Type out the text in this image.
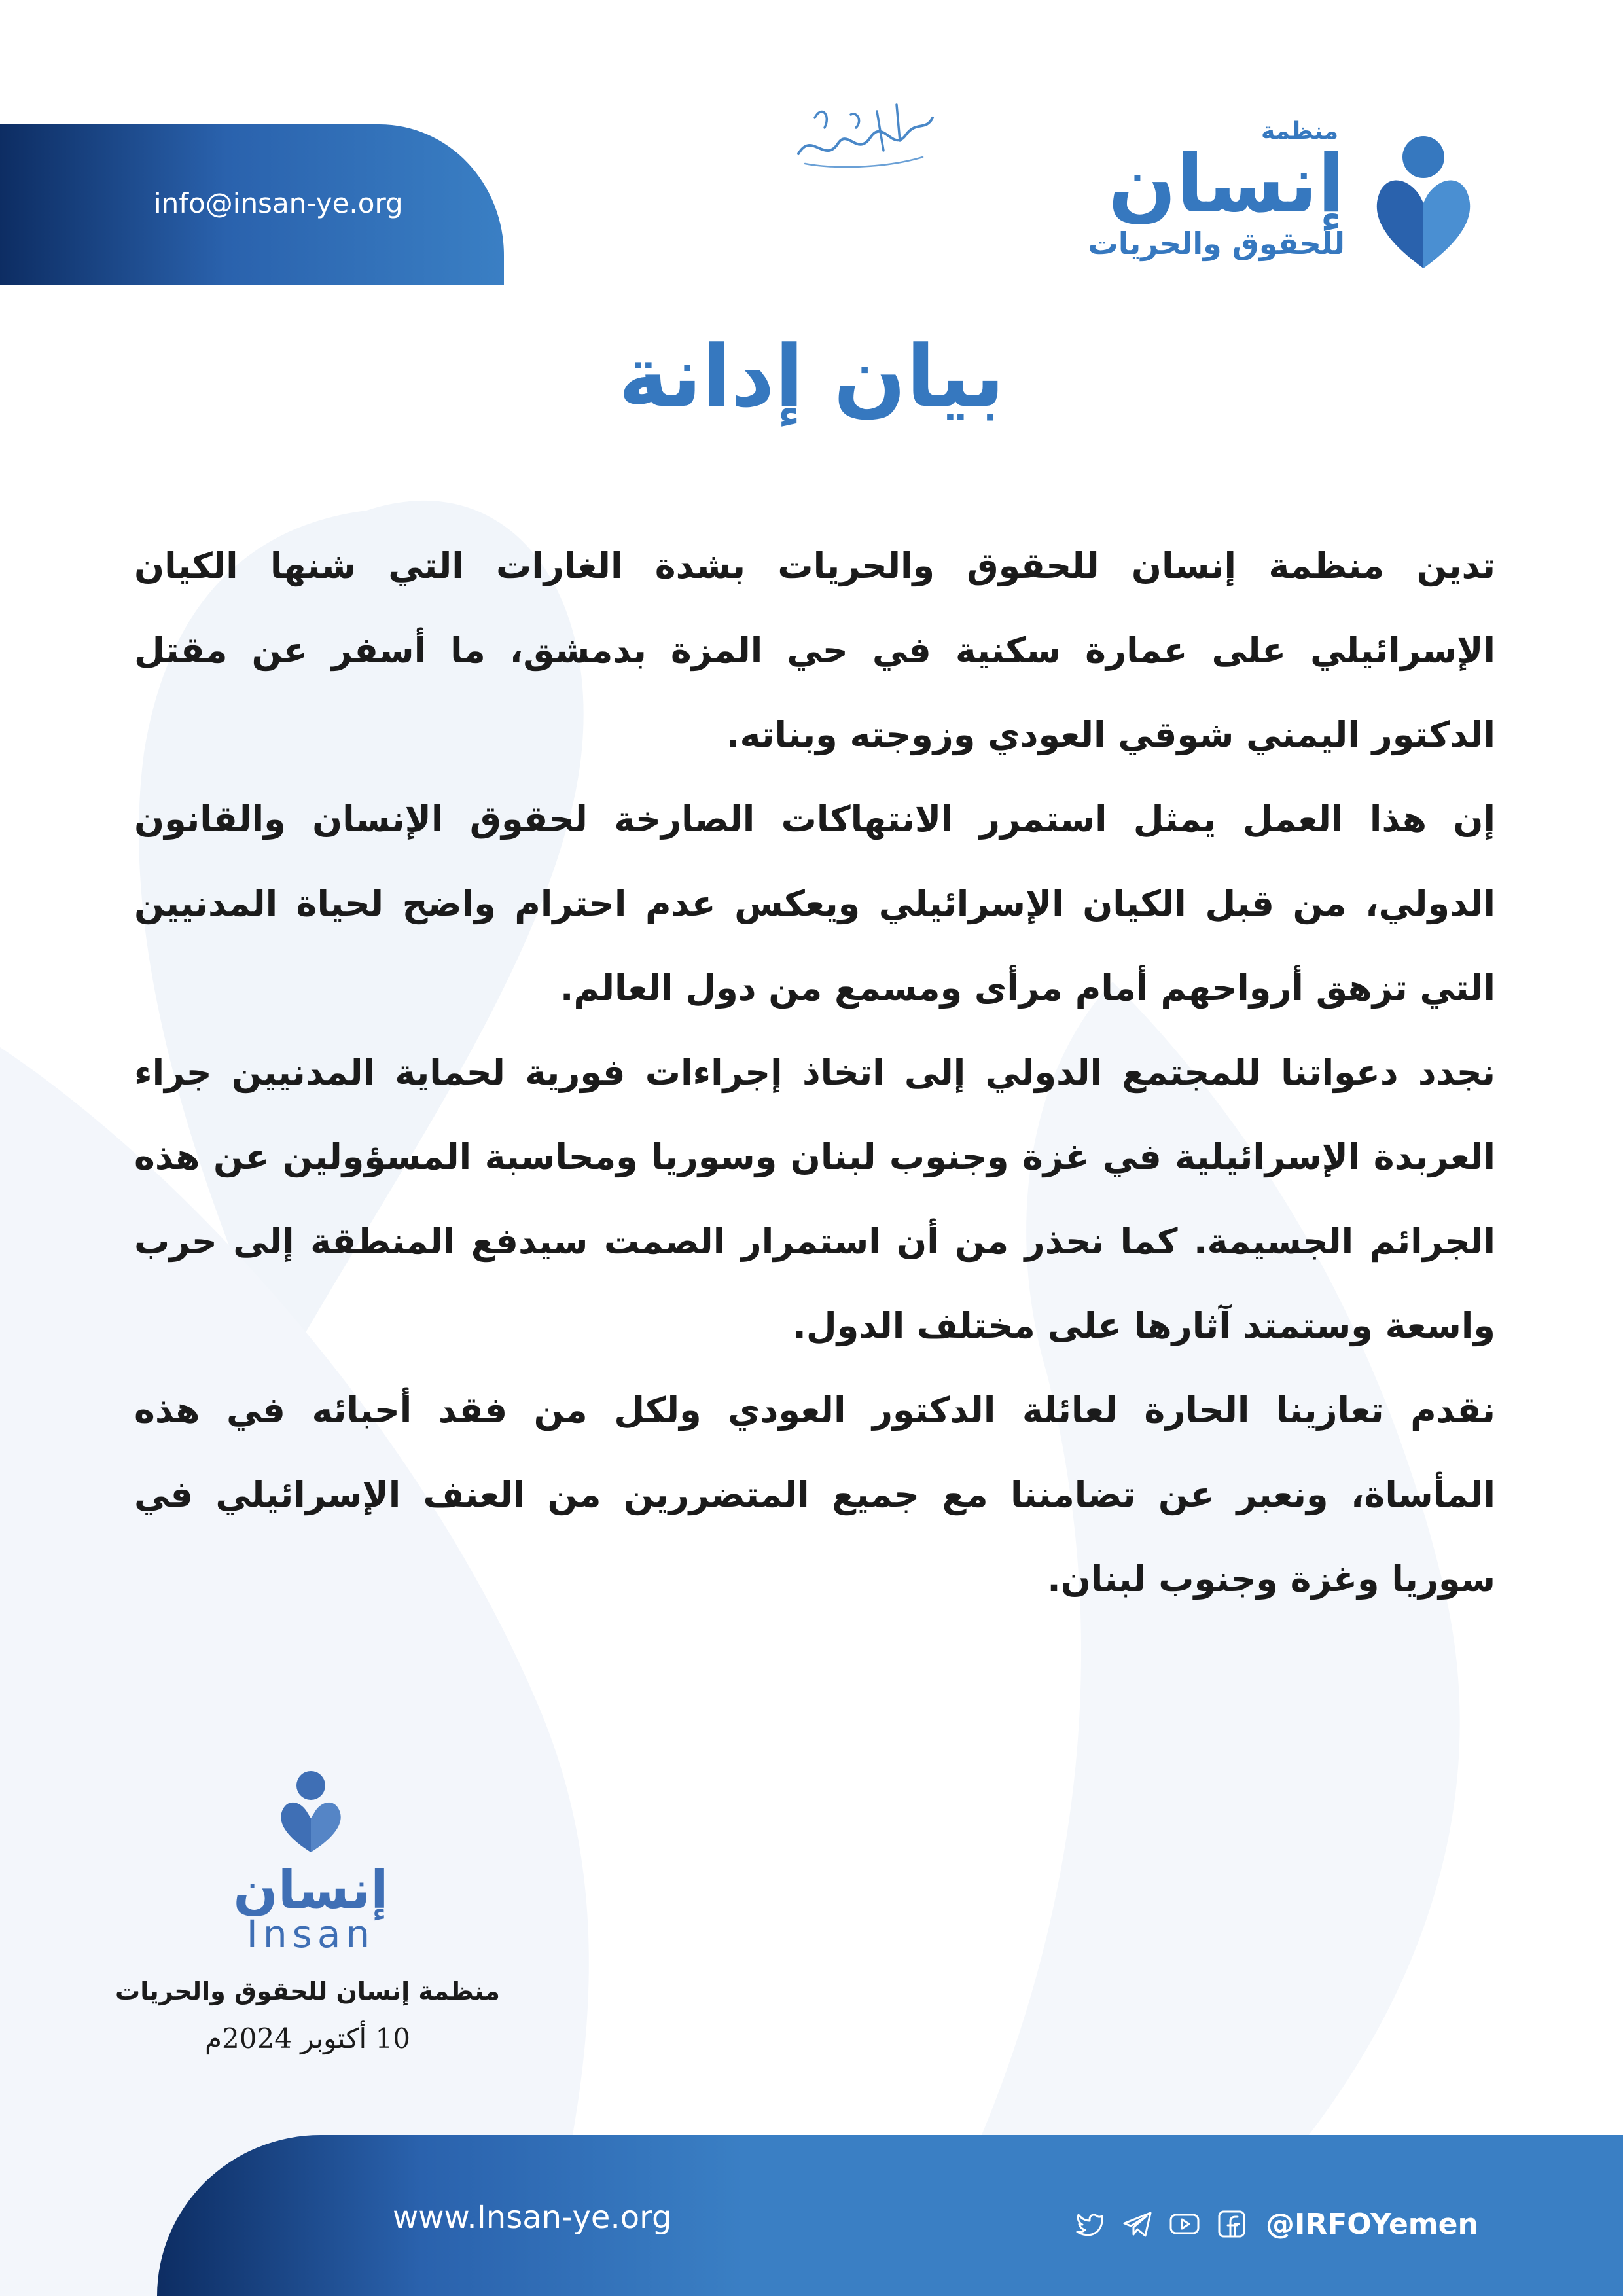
info@insan-ye.org
منظمة
إنسان
للحقوق والحريات
بيان إدانة

تدين منظمة إنسان للحقوق والحريات بشدة الغارات التي شنها الكيان الإسرائيلي على عمارة سكنية في حي المزة بدمشق، ما أسفر عن مقتل الدكتور اليمني شوقي العودي وزوجته وبناته.

إن هذا العمل يمثل استمرر الانتهاكات الصارخة لحقوق الإنسان والقانون الدولي، من قبل الكيان الإسرائيلي ويعكس عدم احترام واضح لحياة المدنيين التي تزهق أرواحهم أمام مرأى ومسمع من دول العالم.

نجدد دعواتنا للمجتمع الدولي إلى اتخاذ إجراءات فورية لحماية المدنيين جراء العربدة الإسرائيلية في غزة وجنوب لبنان وسوريا ومحاسبة المسؤولين عن هذه الجرائم الجسيمة. كما نحذر من أن استمرار الصمت سيدفع المنطقة إلى حرب واسعة وستمتد آثارها على مختلف الدول.

نقدم تعازينا الحارة لعائلة الدكتور العودي ولكل من فقد أحبائه في هذه المأساة، ونعبر عن تضامننا مع جميع المتضررين من العنف الإسرائيلي في سوريا وغزة وجنوب لبنان.

إنسان
Insan
منظمة إنسان للحقوق والحريات
10 أكتوبر 2024م
www.Insan-ye.org	@IRFOYemen
